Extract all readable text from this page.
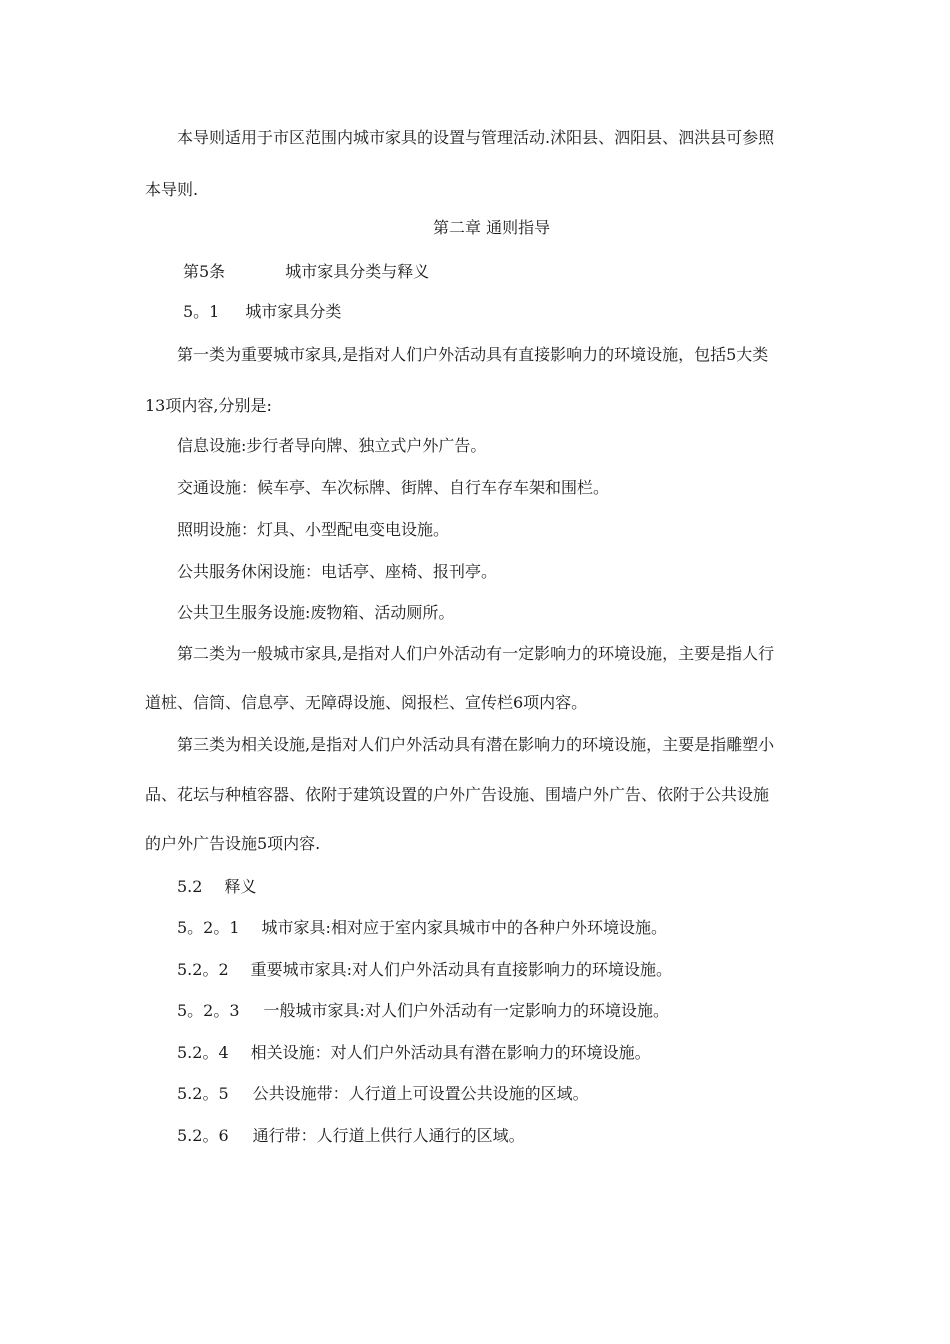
本导则适用于市区范围内城市家具的设置与管理活动.沭阳县、泗阳县、泗洪县可参照
本导则.
第二章 通则指导
第5条	城市家具分类与释义
5。1 城市家具分类
第一类为重要城市家具,是指对人们户外活动具有直接影响力的环境设施，包括5大类
13项内容,分别是:
信息设施:步行者导向牌、独立式户外广告。
交通设施：候车亭、车次标牌、街牌、自行车存车架和围栏。
照明设施：灯具、小型配电变电设施。
公共服务休闲设施：电话亭、座椅、报刊亭。
公共卫生服务设施:废物箱、活动厕所。
第二类为一般城市家具,是指对人们户外活动有一定影响力的环境设施，主要是指人行
道桩、信筒、信息亭、无障碍设施、阅报栏、宣传栏6项内容。
第三类为相关设施,是指对人们户外活动具有潜在影响力的环境设施，主要是指雕塑小
品、花坛与种植容器、依附于建筑设置的户外广告设施、围墙户外广告、依附于公共设施
的户外广告设施5项内容.
5.2 释义
5。2。1 城市家具:相对应于室内家具城市中的各种户外环境设施。
5.2。2 重要城市家具:对人们户外活动具有直接影响力的环境设施。
5。2。3 一般城市家具:对人们户外活动有一定影响力的环境设施。
5.2。4 相关设施：对人们户外活动具有潜在影响力的环境设施。
5.2。5 公共设施带：人行道上可设置公共设施的区域。
5.2。6 通行带：人行道上供行人通行的区域。
